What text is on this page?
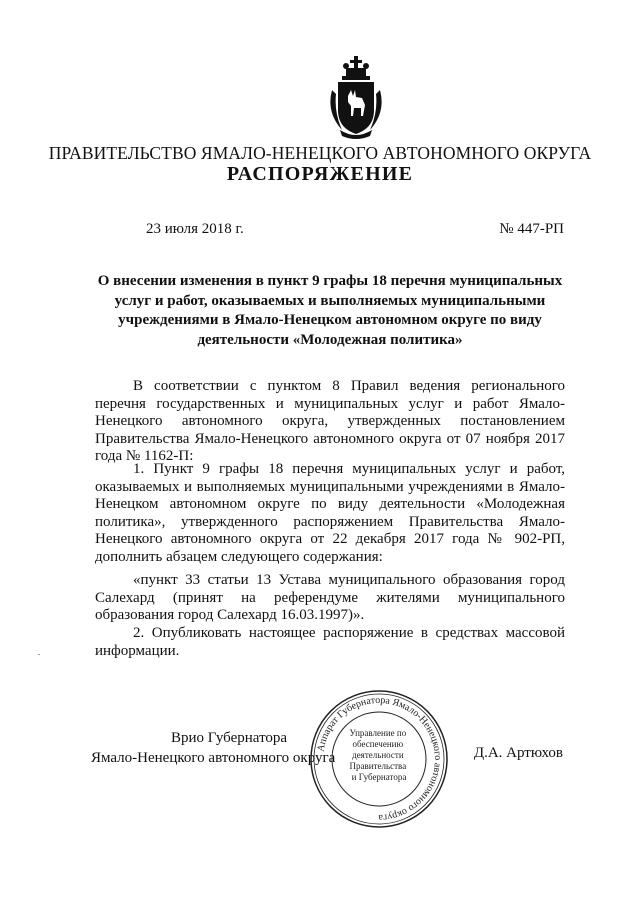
ПРАВИТЕЛЬСТВО ЯМАЛО-НЕНЕЦКОГО АВТОНОМНОГО ОКРУГА
РАСПОРЯЖЕНИЕ
23 июля 2018 г.	№ 447-РП
О внесении изменения в пункт 9 графы 18 перечня муниципальных услуг и работ, оказываемых и выполняемых муниципальными учреждениями в Ямало-Ненецком автономном округе по виду деятельности «Молодежная политика»

В соответствии с пунктом 8 Правил ведения регионального перечня государственных и муниципальных услуг и работ Ямало-Ненецкого автономного округа, утвержденных постановлением Правительства Ямало-Ненецкого автономного округа от 07 ноября 2017 года № 1162-П:

1. Пункт 9 графы 18 перечня муниципальных услуг и работ, оказываемых и выполняемых муниципальными учреждениями в Ямало-Ненецком автономном округе по виду деятельности «Молодежная политика», утвержденного распоряжением Правительства Ямало-Ненецкого автономного округа от 22 декабря 2017 года № 902-РП, дополнить абзацем следующего содержания:

«пункт 33 статьи 13 Устава муниципального образования город Салехард (принят на референдуме жителями муниципального образования город Салехард 16.03.1997)».

2. Опубликовать настоящее распоряжение в средствах массовой информации.

Врио Губернатора
Ямало-Ненецкого автономного округа
Аппарат Губернатора Ямало-Ненецкого автономного округа
Управление по обеспечению деятельности Правительства и Губернатора
Д.А. Артюхов
